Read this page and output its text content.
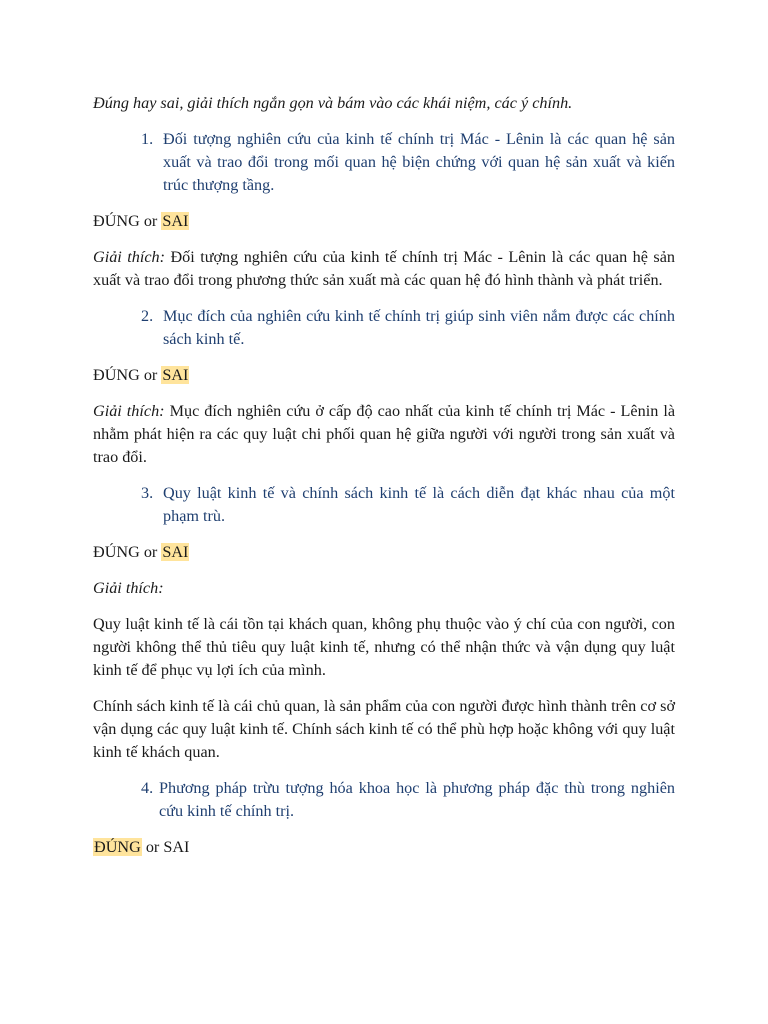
Đúng hay sai, giải thích ngắn gọn và bám vào các khái niệm, các ý chính.

1. Đối tượng nghiên cứu của kinh tế chính trị Mác - Lênin là các quan hệ sản xuất và trao đổi trong mối quan hệ biện chứng với quan hệ sản xuất và kiến trúc thượng tầng.

ĐÚNG or SAI

Giải thích: Đối tượng nghiên cứu của kinh tế chính trị Mác - Lênin là các quan hệ sản xuất và trao đổi trong phương thức sản xuất mà các quan hệ đó hình thành và phát triển.

2. Mục đích của nghiên cứu kinh tế chính trị giúp sinh viên nắm được các chính sách kinh tế.

ĐÚNG or SAI

Giải thích: Mục đích nghiên cứu ở cấp độ cao nhất của kinh tế chính trị Mác - Lênin là nhằm phát hiện ra các quy luật chi phối quan hệ giữa người với người trong sản xuất và trao đổi.

3. Quy luật kinh tế và chính sách kinh tế là cách diễn đạt khác nhau của một phạm trù.

ĐÚNG or SAI

Giải thích:

Quy luật kinh tế là cái tồn tại khách quan, không phụ thuộc vào ý chí của con người, con người không thể thủ tiêu quy luật kinh tế, nhưng có thể nhận thức và vận dụng quy luật kinh tế để phục vụ lợi ích của mình.

Chính sách kinh tế là cái chủ quan, là sản phẩm của con người được hình thành trên cơ sở vận dụng các quy luật kinh tế. Chính sách kinh tế có thể phù hợp hoặc không với quy luật kinh tế khách quan.

4. Phương pháp trừu tượng hóa khoa học là phương pháp đặc thù trong nghiên cứu kinh tế chính trị.

ĐÚNG or SAI
